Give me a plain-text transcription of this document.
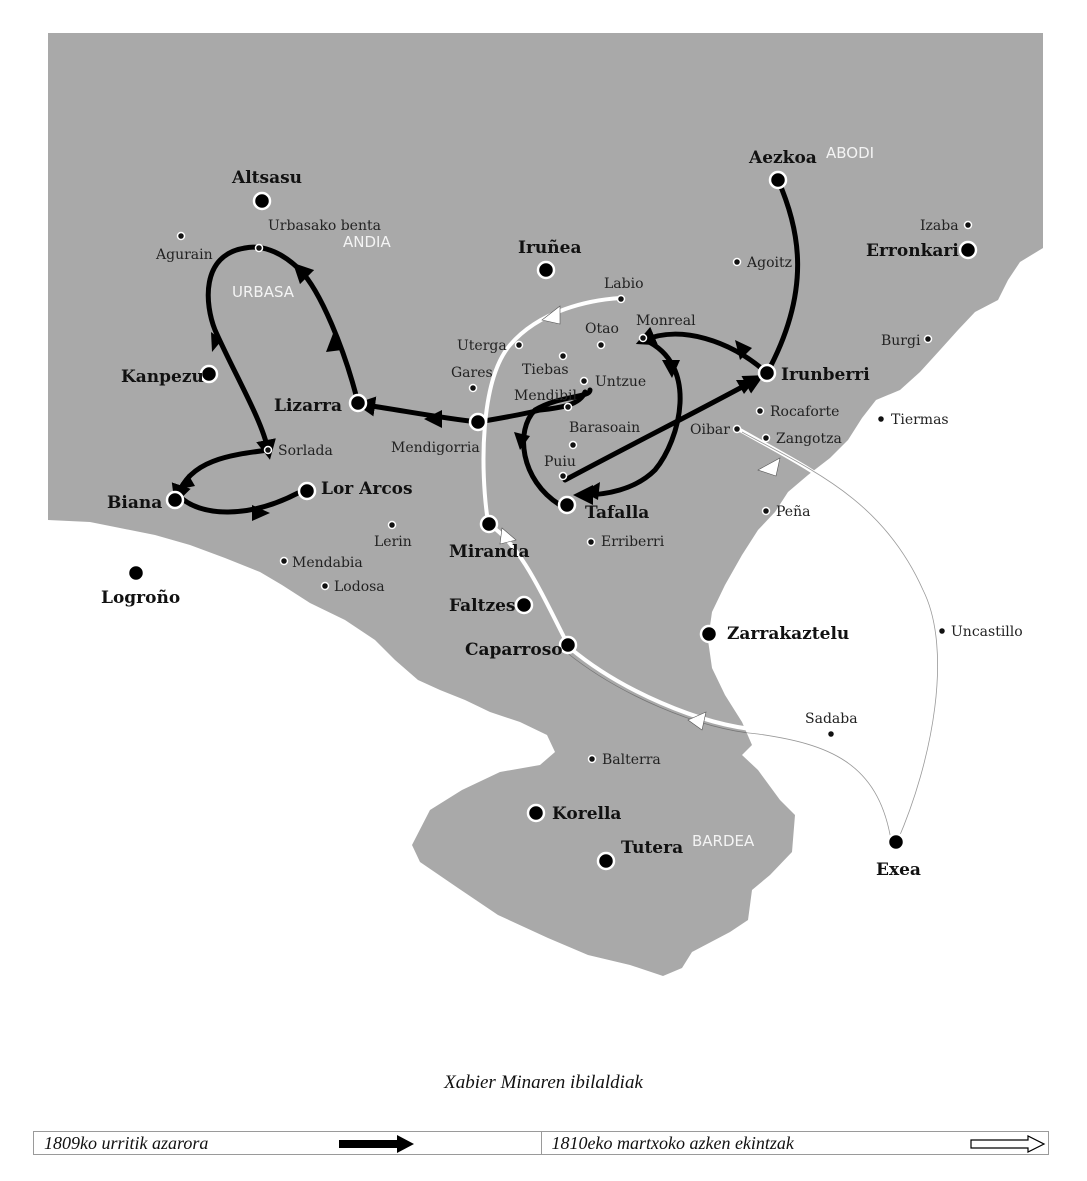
ABODI
ANDIA
URBASA
BARDEA
Altsasu
Iruñea
Aezkoa
Erronkari
Kanpezu
Lizarra
Irunberri
Biana
Lor Arcos
Logroño
Tafalla
Miranda
Faltzes
Caparroso
Zarrakaztelu
Korella
Tutera
Exea
Agurain
Urbasako benta
Agoitz
Izaba
Labio
Uterga
Otao Monreal
Burgi
Gares Tiebas
Untzue
Mendibil
Mendigorria
Barasoain
Rocaforte	Tiermas
Oibar
Zangotza
Sorlada
Puiu
Peña
Lerin	Erriberri
Mendabia
Lodosa
Uncastillo
Sadaba
Balterra
Xabier Minaren ibilaldiak
1809ko urritik azarora	1810eko martxoko azken ekintzak
